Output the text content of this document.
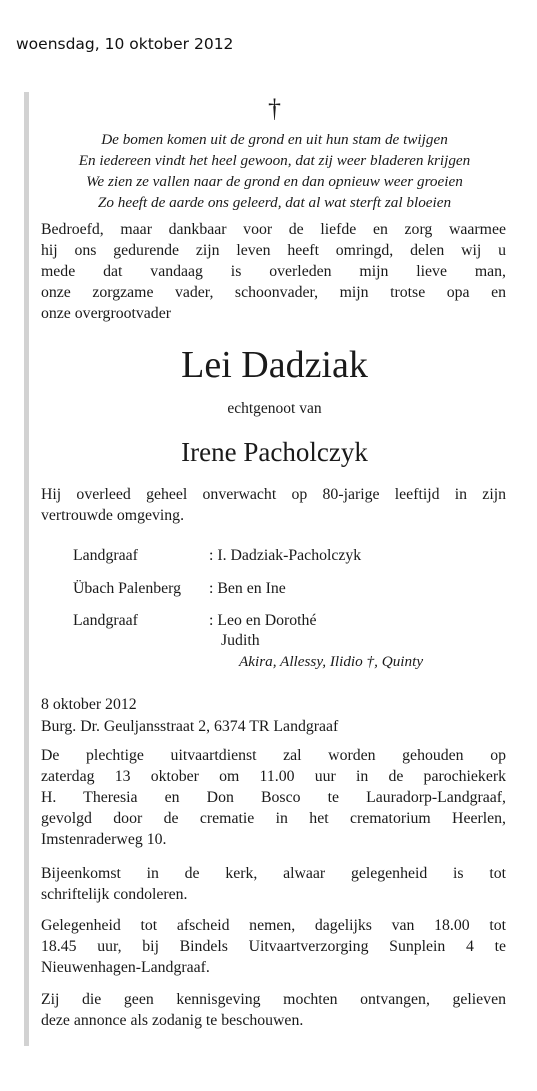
woensdag, 10 oktober 2012
†
De bomen komen uit de grond en uit hun stam de twijgen
En iedereen vindt het heel gewoon, dat zij weer bladeren krijgen
We zien ze vallen naar de grond en dan opnieuw weer groeien
Zo heeft de aarde ons geleerd, dat al wat sterft zal bloeien
Bedroefd, maar dankbaar voor de liefde en zorg waarmee
hij ons gedurende zijn leven heeft omringd, delen wij u
mede dat vandaag is overleden mijn lieve man,
onze zorgzame vader, schoonvader, mijn trotse opa en
onze overgrootvader
Lei Dadziak
echtgenoot van
Irene Pacholczyk
Hij overleed geheel onverwacht op 80-jarige leeftijd in zijn
vertrouwde omgeving.
Landgraaf	: I. Dadziak-Pacholczyk
Übach Palenberg : Ben en Ine
Landgraaf	: Leo en Dorothé
Judith
Akira, Allessy, Ilidio †, Quinty
8 oktober 2012
Burg. Dr. Geuljansstraat 2, 6374 TR Landgraaf
De plechtige uitvaartdienst zal worden gehouden op
zaterdag 13 oktober om 11.00 uur in de parochiekerk
H. Theresia en Don Bosco te Lauradorp-Landgraaf,
gevolgd door de crematie in het crematorium Heerlen,
Imstenraderweg 10.
Bijeenkomst in de kerk, alwaar gelegenheid is tot
schriftelijk condoleren.
Gelegenheid tot afscheid nemen, dagelijks van 18.00 tot
18.45 uur, bij Bindels Uitvaartverzorging Sunplein 4 te
Nieuwenhagen-Landgraaf.
Zij die geen kennisgeving mochten ontvangen, gelieven
deze annonce als zodanig te beschouwen.
